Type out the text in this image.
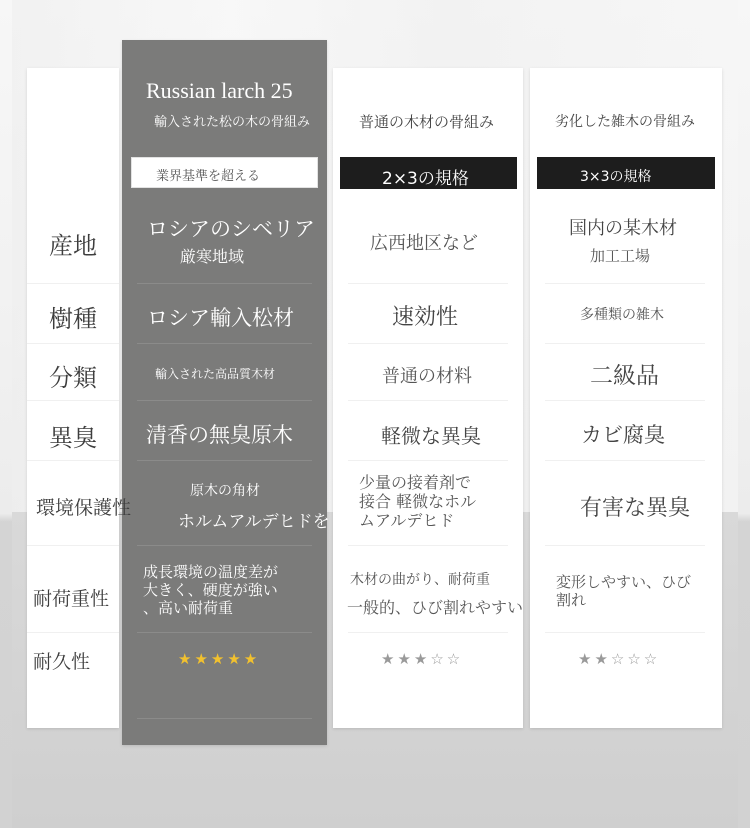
産地
樹種
分類
異臭
環境保護性
耐荷重性
耐久性
Russian larch 25
輸入された松の木の骨組み
業界基準を超える
ロシアのシベリア
厳寒地域
ロシア輸入松材
輸入された高品質木材
清香の無臭原木
原木の角材
ホルムアルデヒドを
成長環境の温度差が
大きく、硬度が強い
、高い耐荷重
★★★★★
普通の木材の骨組み
2×3の規格
広西地区など
速効性
普通の材料
軽微な異臭
少量の接着剤で
接合 軽微なホル
ムアルデヒド
木材の曲がり、耐荷重
一般的、ひび割れやすい
★★★☆☆
劣化した雑木の骨組み
3×3の規格
国内の某木材
加工工場
多種類の雑木
二級品
カビ腐臭
有害な異臭
変形しやすい、ひび
割れ
★★☆☆☆
